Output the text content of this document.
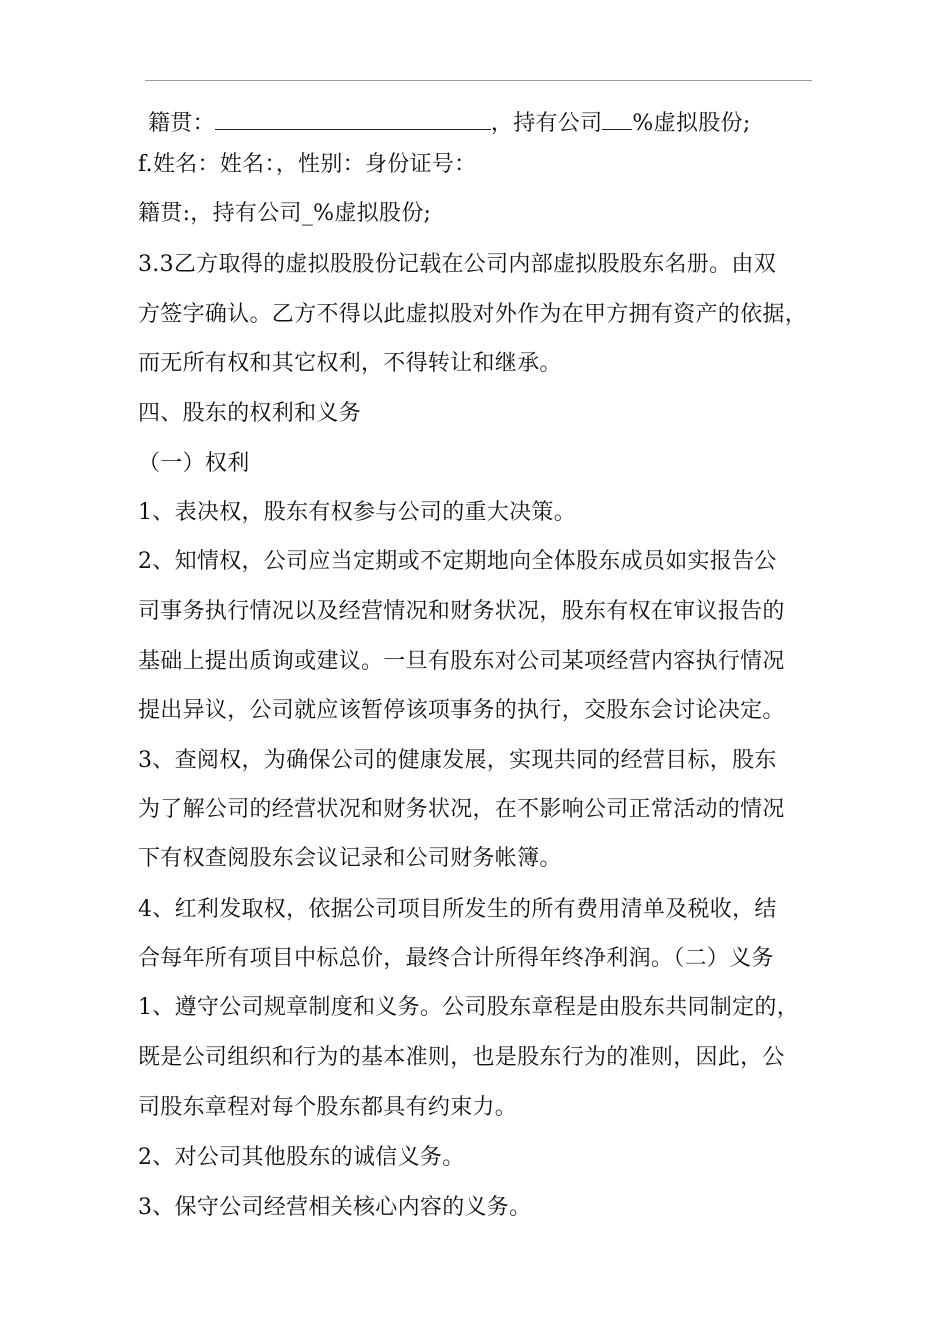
籍贯：	，持有公司 %虚拟股份;
f.姓名：姓名：，性别：身份证号：
籍贯:，持有公司_%虚拟股份;
3.3乙方取得的虚拟股股份记载在公司内部虚拟股股东名册。由双
方签字确认。乙方不得以此虚拟股对外作为在甲方拥有资产的依据，
而无所有权和其它权利，不得转让和继承。
四、股东的权利和义务
（一）权利
1、表决权，股东有权参与公司的重大决策。
2、知情权，公司应当定期或不定期地向全体股东成员如实报告公
司事务执行情况以及经营情况和财务状况，股东有权在审议报告的
基础上提出质询或建议。一旦有股东对公司某项经营内容执行情况
提出异议，公司就应该暂停该项事务的执行，交股东会讨论决定。
3、查阅权，为确保公司的健康发展，实现共同的经营目标，股东
为了解公司的经营状况和财务状况，在不影响公司正常活动的情况
下有权查阅股东会议记录和公司财务帐簿。
4、红利发取权，依据公司项目所发生的所有费用清单及税收，结
合每年所有项目中标总价，最终合计所得年终净利润。（二）义务
1、遵守公司规章制度和义务。公司股东章程是由股东共同制定的，
既是公司组织和行为的基本准则，也是股东行为的准则，因此，公
司股东章程对每个股东都具有约束力。
2、对公司其他股东的诚信义务。
3、保守公司经营相关核心内容的义务。
